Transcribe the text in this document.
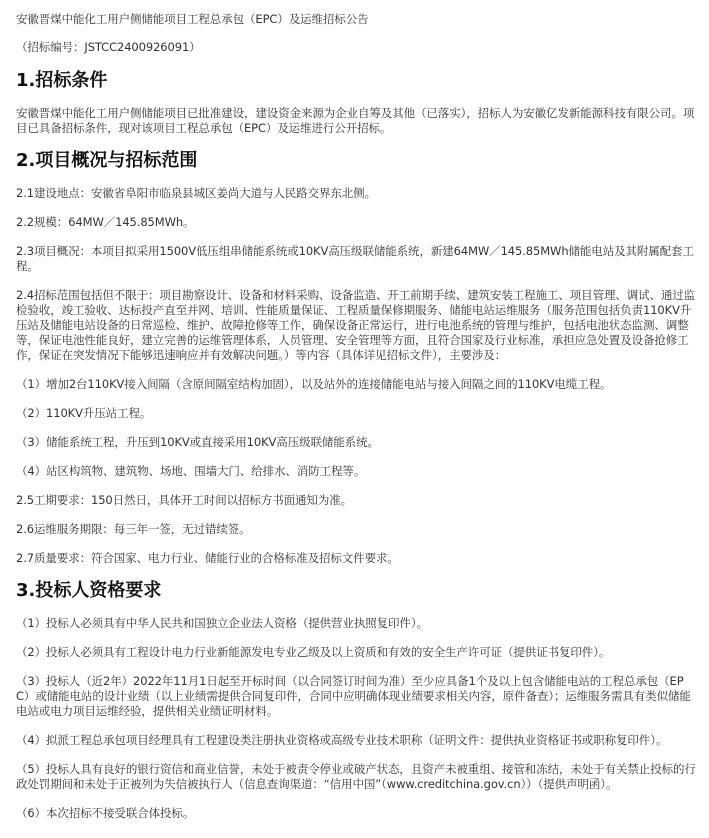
安徽晋煤中能化工用户侧储能项目工程总承包（EPC）及运维招标公告

（招标编号：JSTCC2400926091）

1.招标条件

安徽晋煤中能化工用户侧储能项目已批准建设，建设资金来源为企业自筹及其他（已落实），招标人为安徽亿发新能源科技有限公司。项目已具备招标条件，现对该项目工程总承包（EPC）及运维进行公开招标。

2.项目概况与招标范围

2.1建设地点：安徽省阜阳市临泉县城区姜尚大道与人民路交界东北侧。

2.2规模：64MW／145.85MWh。

2.3项目概况：本项目拟采用1500V低压组串储能系统或10KV高压级联储能系统，新建64MW／145.85MWh储能电站及其附属配套工程。

2.4招标范围包括但不限于：项目勘察设计、设备和材料采购、设备监造、开工前期手续、建筑安装工程施工、项目管理、调试、通过监检验收，竣工验收、达标投产直至并网、培训、性能质量保证、工程质量保修期服务、储能电站运维服务（服务范围包括负责110KV升压站及储能电站设备的日常巡检、维护、故障抢修等工作，确保设备正常运行，进行电池系统的管理与维护，包括电池状态监测、调整等，保证电池性能良好，建立完善的运维管理体系，人员管理、安全管理等方面，且符合国家及行业标准，承担应急处置及设备抢修工作，保证在突发情况下能够迅速响应并有效解决问题。）等内容（具体详见招标文件），主要涉及：

（1）增加2台110KV接入间隔（含原间隔室结构加固），以及站外的连接储能电站与接入间隔之间的110KV电缆工程。

（2）110KV升压站工程。

（3）储能系统工程，升压到10KV或直接采用10KV高压级联储能系统。

（4）站区构筑物、建筑物、场地、围墙大门、给排水、消防工程等。

2.5工期要求：150日然日，具体开工时间以招标方书面通知为准。

2.6运维服务期限：每三年一签，无过错续签。

2.7质量要求：符合国家、电力行业、储能行业的合格标准及招标文件要求。

3.投标人资格要求

（1）投标人必须具有中华人民共和国独立企业法人资格（提供营业执照复印件）。

（2）投标人必须具有工程设计电力行业新能源发电专业乙级及以上资质和有效的安全生产许可证（提供证书复印件）。

（3）投标人（近2年）2022年11月1日起至开标时间（以合同签订时间为准）至少应具备1个及以上包含储能电站的工程总承包（EPC）或储能电站的设计业绩（以上业绩需提供合同复印件，合同中应明确体现业绩要求相关内容，原件备查）；运维服务需具有类似储能电站或电力项目运维经验，提供相关业绩证明材料。

（4）拟派工程总承包项目经理具有工程建设类注册执业资格或高级专业技术职称（证明文件：提供执业资格证书或职称复印件）。

（5）投标人具有良好的银行资信和商业信誉，未处于被责令停业或破产状态，且资产未被重组、接管和冻结，未处于有关禁止投标的行政处罚期间和未处于正被列为失信被执行人（信息查询渠道：“信用中国”（www.creditchina.gov.cn））（提供声明函）。

（6）本次招标不接受联合体投标。
